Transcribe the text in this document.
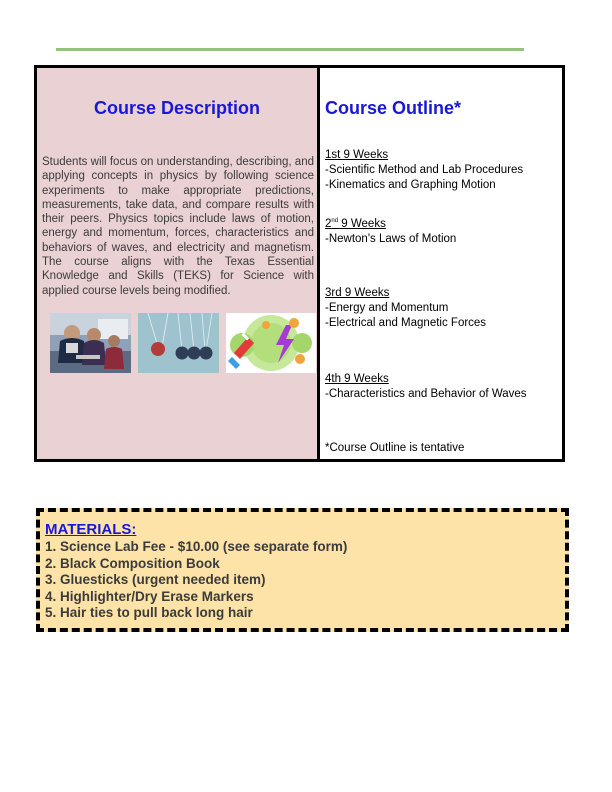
Course Description
Students will focus on understanding, describing, and applying concepts in physics by following science experiments to make appropriate predictions, measurements, take data, and compare results with their peers. Physics topics include laws of motion, energy and momentum, forces, characteristics and behaviors of waves, and electricity and magnetism. The course aligns with the Texas Essential Knowledge and Skills (TEKS) for Science with applied course levels being modified.
Course Outline*
1st 9 Weeks
-Scientific Method and Lab Procedures
-Kinematics and Graphing Motion
2nd 9 Weeks
-Newton's Laws of Motion
3rd 9 Weeks
-Energy and Momentum
-Electrical and Magnetic Forces
4th 9 Weeks
-Characteristics and Behavior of Waves
*Course Outline is tentative
MATERIALS:
1. Science Lab Fee - $10.00 (see separate form)
2. Black Composition Book
3. Gluesticks (urgent needed item)
4. Highlighter/Dry Erase Markers
5. Hair ties to pull back long hair
